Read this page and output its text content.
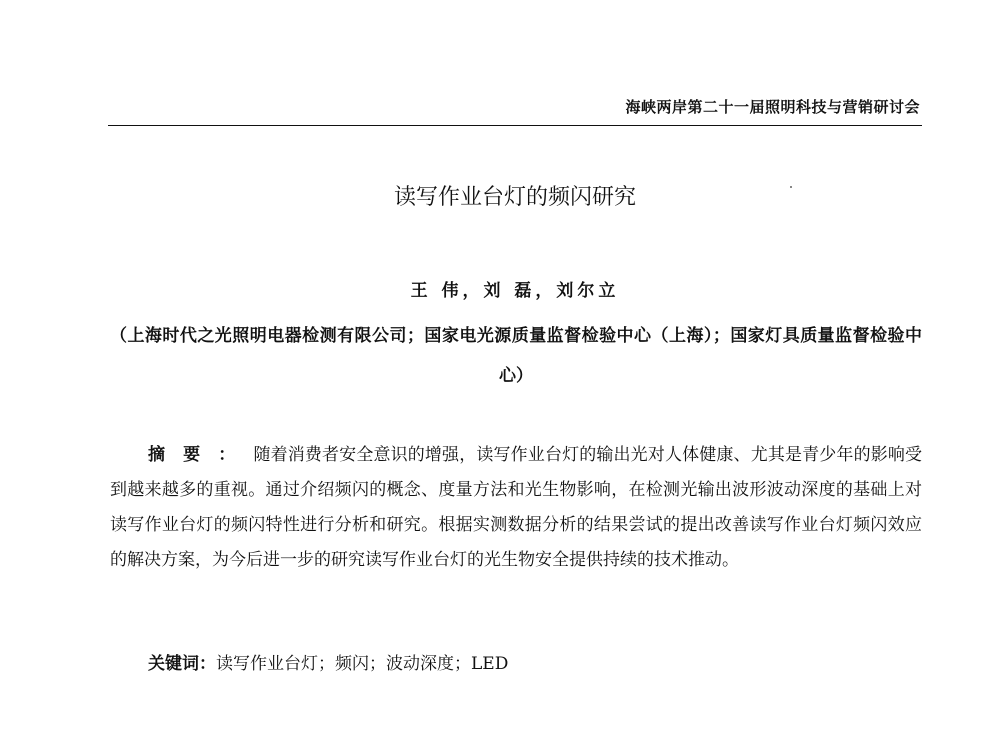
海峡两岸第二十一届照明科技与营销研讨会
读写作业台灯的频闪研究
王 伟，刘 磊，刘尔立
（上海时代之光照明电器检测有限公司；国家电光源质量监督检验中心（上海）；国家灯具质量监督检验中心）
摘要：随着消费者安全意识的增强，读写作业台灯的输出光对人体健康、尤其是青少年的影响受到越来越多的重视。通过介绍频闪的概念、度量方法和光生物影响，在检测光输出波形波动深度的基础上对读写作业台灯的频闪特性进行分析和研究。根据实测数据分析的结果尝试的提出改善读写作业台灯频闪效应的解决方案，为今后进一步的研究读写作业台灯的光生物安全提供持续的技术推动。
关键词：读写作业台灯；频闪；波动深度；LED
